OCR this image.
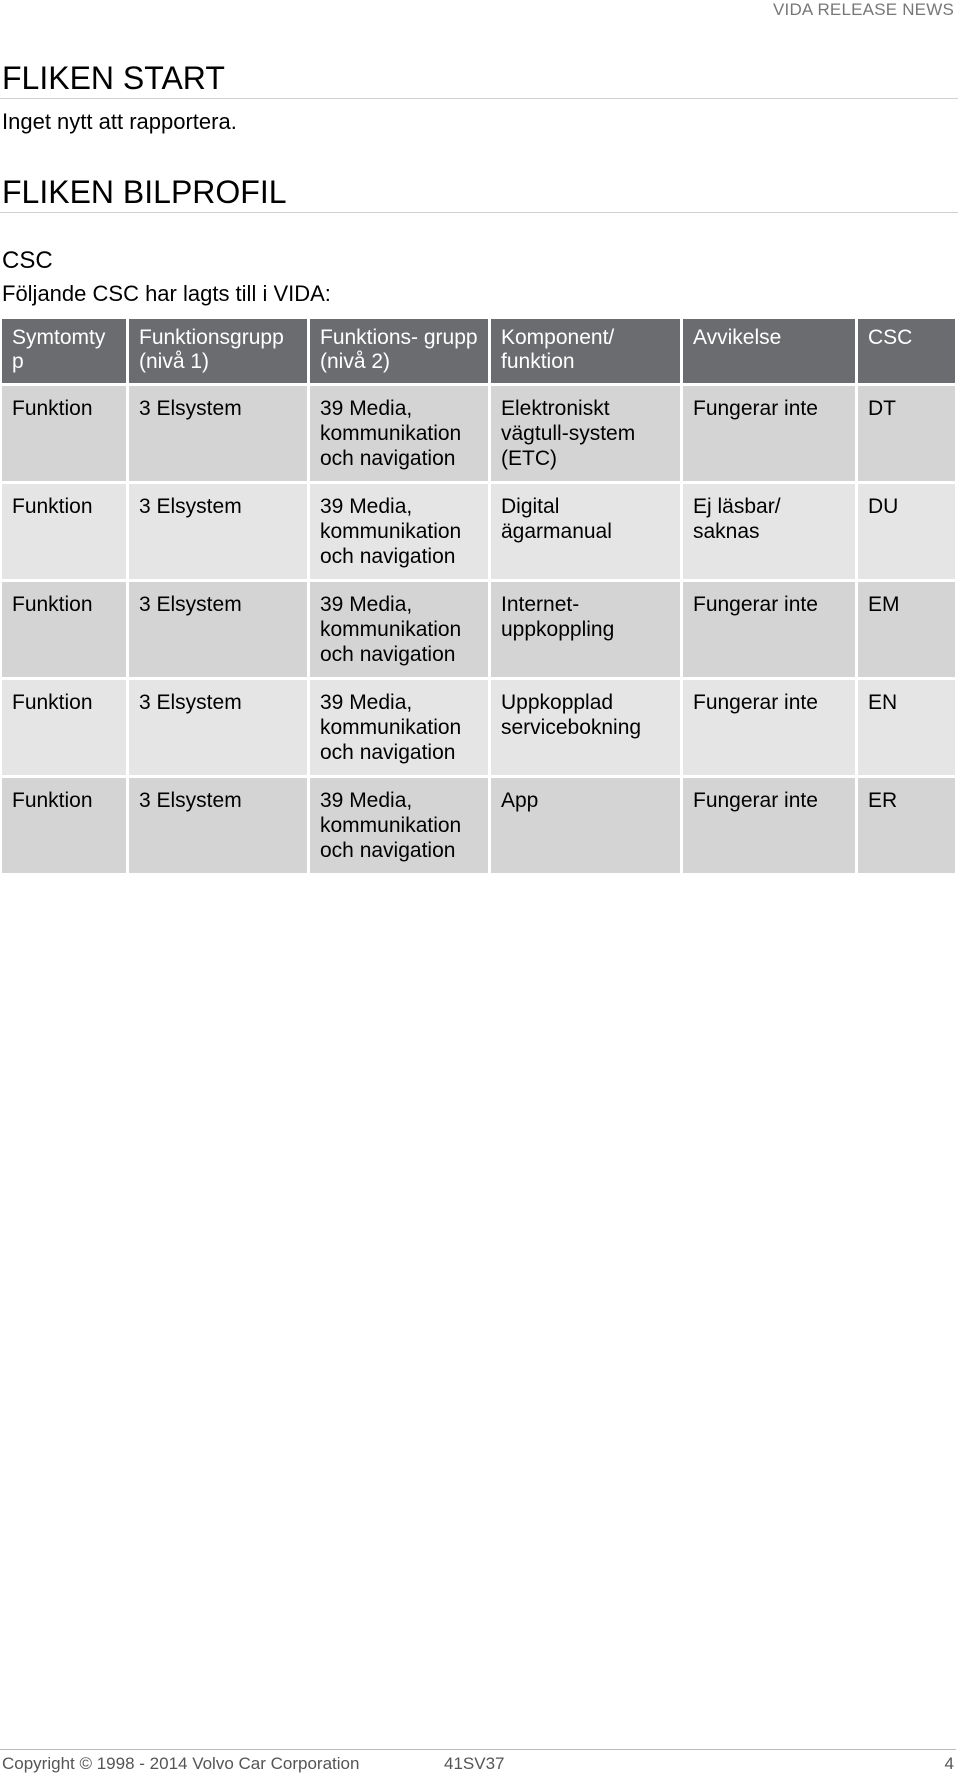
VIDA RELEASE NEWS
FLIKEN START

Inget nytt att rapportera.

FLIKEN BILPROFIL
CSC

Följande CSC har lagts till i VIDA:

Symtomty p	Funktionsgrupp (nivå 1)	Funktions- grupp (nivå 2)	Komponent/ funktion	Avvikelse	CSC
Funktion	3 Elsystem	39 Media, kommunikation och navigation	Elektroniskt vägtull-system (ETC)	Fungerar inte	DT
Funktion	3 Elsystem	39 Media, kommunikation och navigation	Digital ägarmanual	Ej läsbar/ saknas	DU
Funktion	3 Elsystem	39 Media, kommunikation och navigation	Internet- uppkoppling	Fungerar inte	EM
Funktion	3 Elsystem	39 Media, kommunikation och navigation	Uppkopplad servicebokning	Fungerar inte	EN
Funktion	3 Elsystem	39 Media, kommunikation och navigation	App	Fungerar inte	ER
Copyright © 1998 - 2014 Volvo Car Corporation	41SV37	4
